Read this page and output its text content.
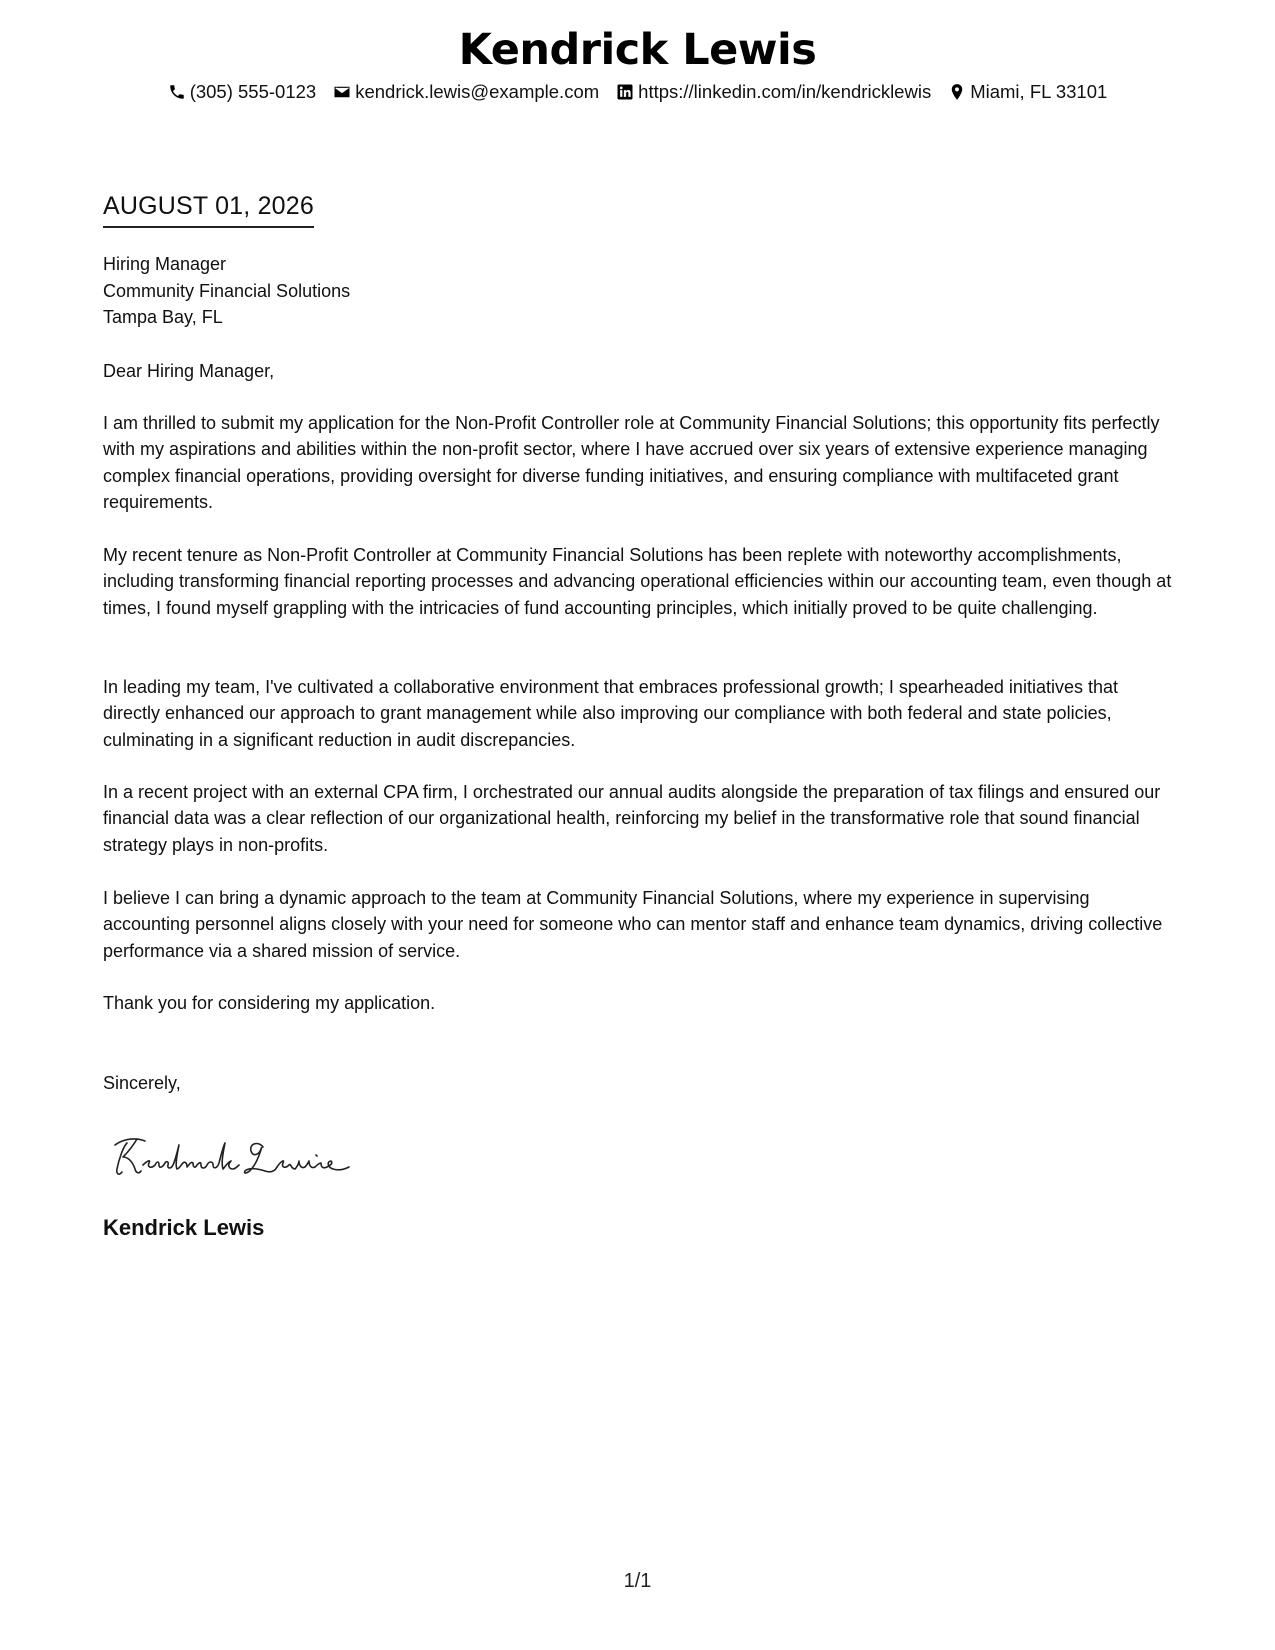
Kendrick Lewis
(305) 555-0123 kendrick.lewis@example.com https://linkedin.com/in/kendricklewis Miami, FL 33101
AUGUST 01, 2026
Hiring Manager
Community Financial Solutions
Tampa Bay, FL
Dear Hiring Manager,

I am thrilled to submit my application for the Non-Profit Controller role at Community Financial Solutions; this opportunity fits perfectly with my aspirations and abilities within the non-profit sector, where I have accrued over six years of extensive experience managing complex financial operations, providing oversight for diverse funding initiatives, and ensuring compliance with multifaceted grant requirements.

My recent tenure as Non-Profit Controller at Community Financial Solutions has been replete with noteworthy accomplishments, including transforming financial reporting processes and advancing operational efficiencies within our accounting team, even though at times, I found myself grappling with the intricacies of fund accounting principles, which initially proved to be quite challenging.

In leading my team, I've cultivated a collaborative environment that embraces professional growth; I spearheaded initiatives that directly enhanced our approach to grant management while also improving our compliance with both federal and state policies, culminating in a significant reduction in audit discrepancies.

In a recent project with an external CPA firm, I orchestrated our annual audits alongside the preparation of tax filings and ensured our financial data was a clear reflection of our organizational health, reinforcing my belief in the transformative role that sound financial strategy plays in non-profits.

I believe I can bring a dynamic approach to the team at Community Financial Solutions, where my experience in supervising accounting personnel aligns closely with your need for someone who can mentor staff and enhance team dynamics, driving collective performance via a shared mission of service.

Thank you for considering my application.

Sincerely,
Kendrick Lewis
1/1
